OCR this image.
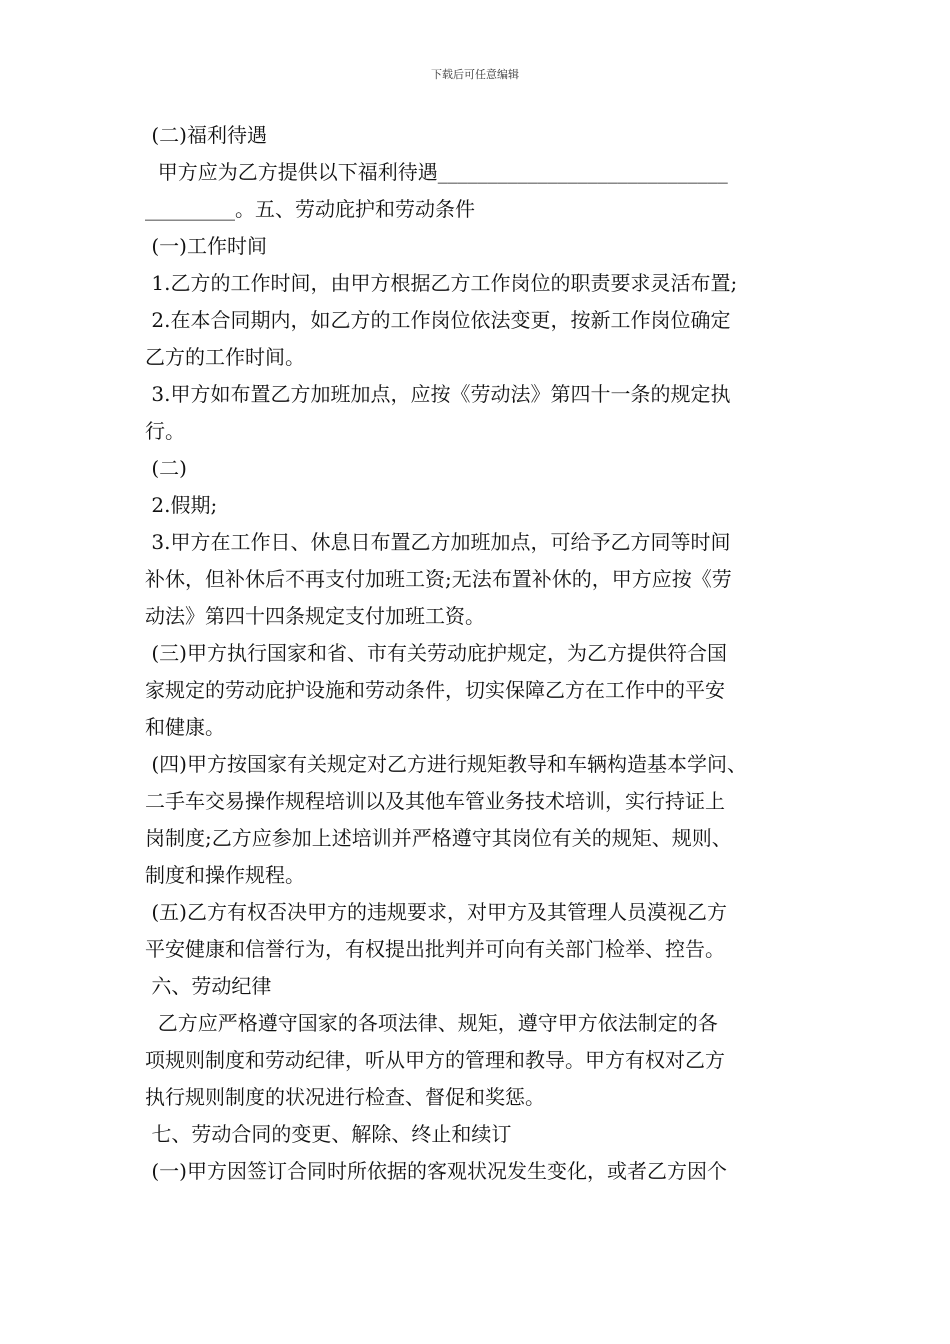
下载后可任意编辑
(二)福利待遇
甲方应为乙方提供以下福利待遇_____________________________
_________。五、劳动庇护和劳动条件
(一)工作时间
1.乙方的工作时间，由甲方根据乙方工作岗位的职责要求灵活布置;
2.在本合同期内，如乙方的工作岗位依法变更，按新工作岗位确定
乙方的工作时间。
3.甲方如布置乙方加班加点，应按《劳动法》第四十一条的规定执
行。
(二)
2.假期;
3.甲方在工作日、休息日布置乙方加班加点，可给予乙方同等时间
补休，但补休后不再支付加班工资;无法布置补休的，甲方应按《劳
动法》第四十四条规定支付加班工资。
(三)甲方执行国家和省、市有关劳动庇护规定，为乙方提供符合国
家规定的劳动庇护设施和劳动条件，切实保障乙方在工作中的平安
和健康。
(四)甲方按国家有关规定对乙方进行规矩教导和车辆构造基本学问、
二手车交易操作规程培训以及其他车管业务技术培训，实行持证上
岗制度;乙方应参加上述培训并严格遵守其岗位有关的规矩、规则、
制度和操作规程。
(五)乙方有权否决甲方的违规要求，对甲方及其管理人员漠视乙方
平安健康和信誉行为，有权提出批判并可向有关部门检举、控告。
六、劳动纪律
乙方应严格遵守国家的各项法律、规矩，遵守甲方依法制定的各
项规则制度和劳动纪律，听从甲方的管理和教导。甲方有权对乙方
执行规则制度的状况进行检查、督促和奖惩。
七、劳动合同的变更、解除、终止和续订
(一)甲方因签订合同时所依据的客观状况发生变化，或者乙方因个
